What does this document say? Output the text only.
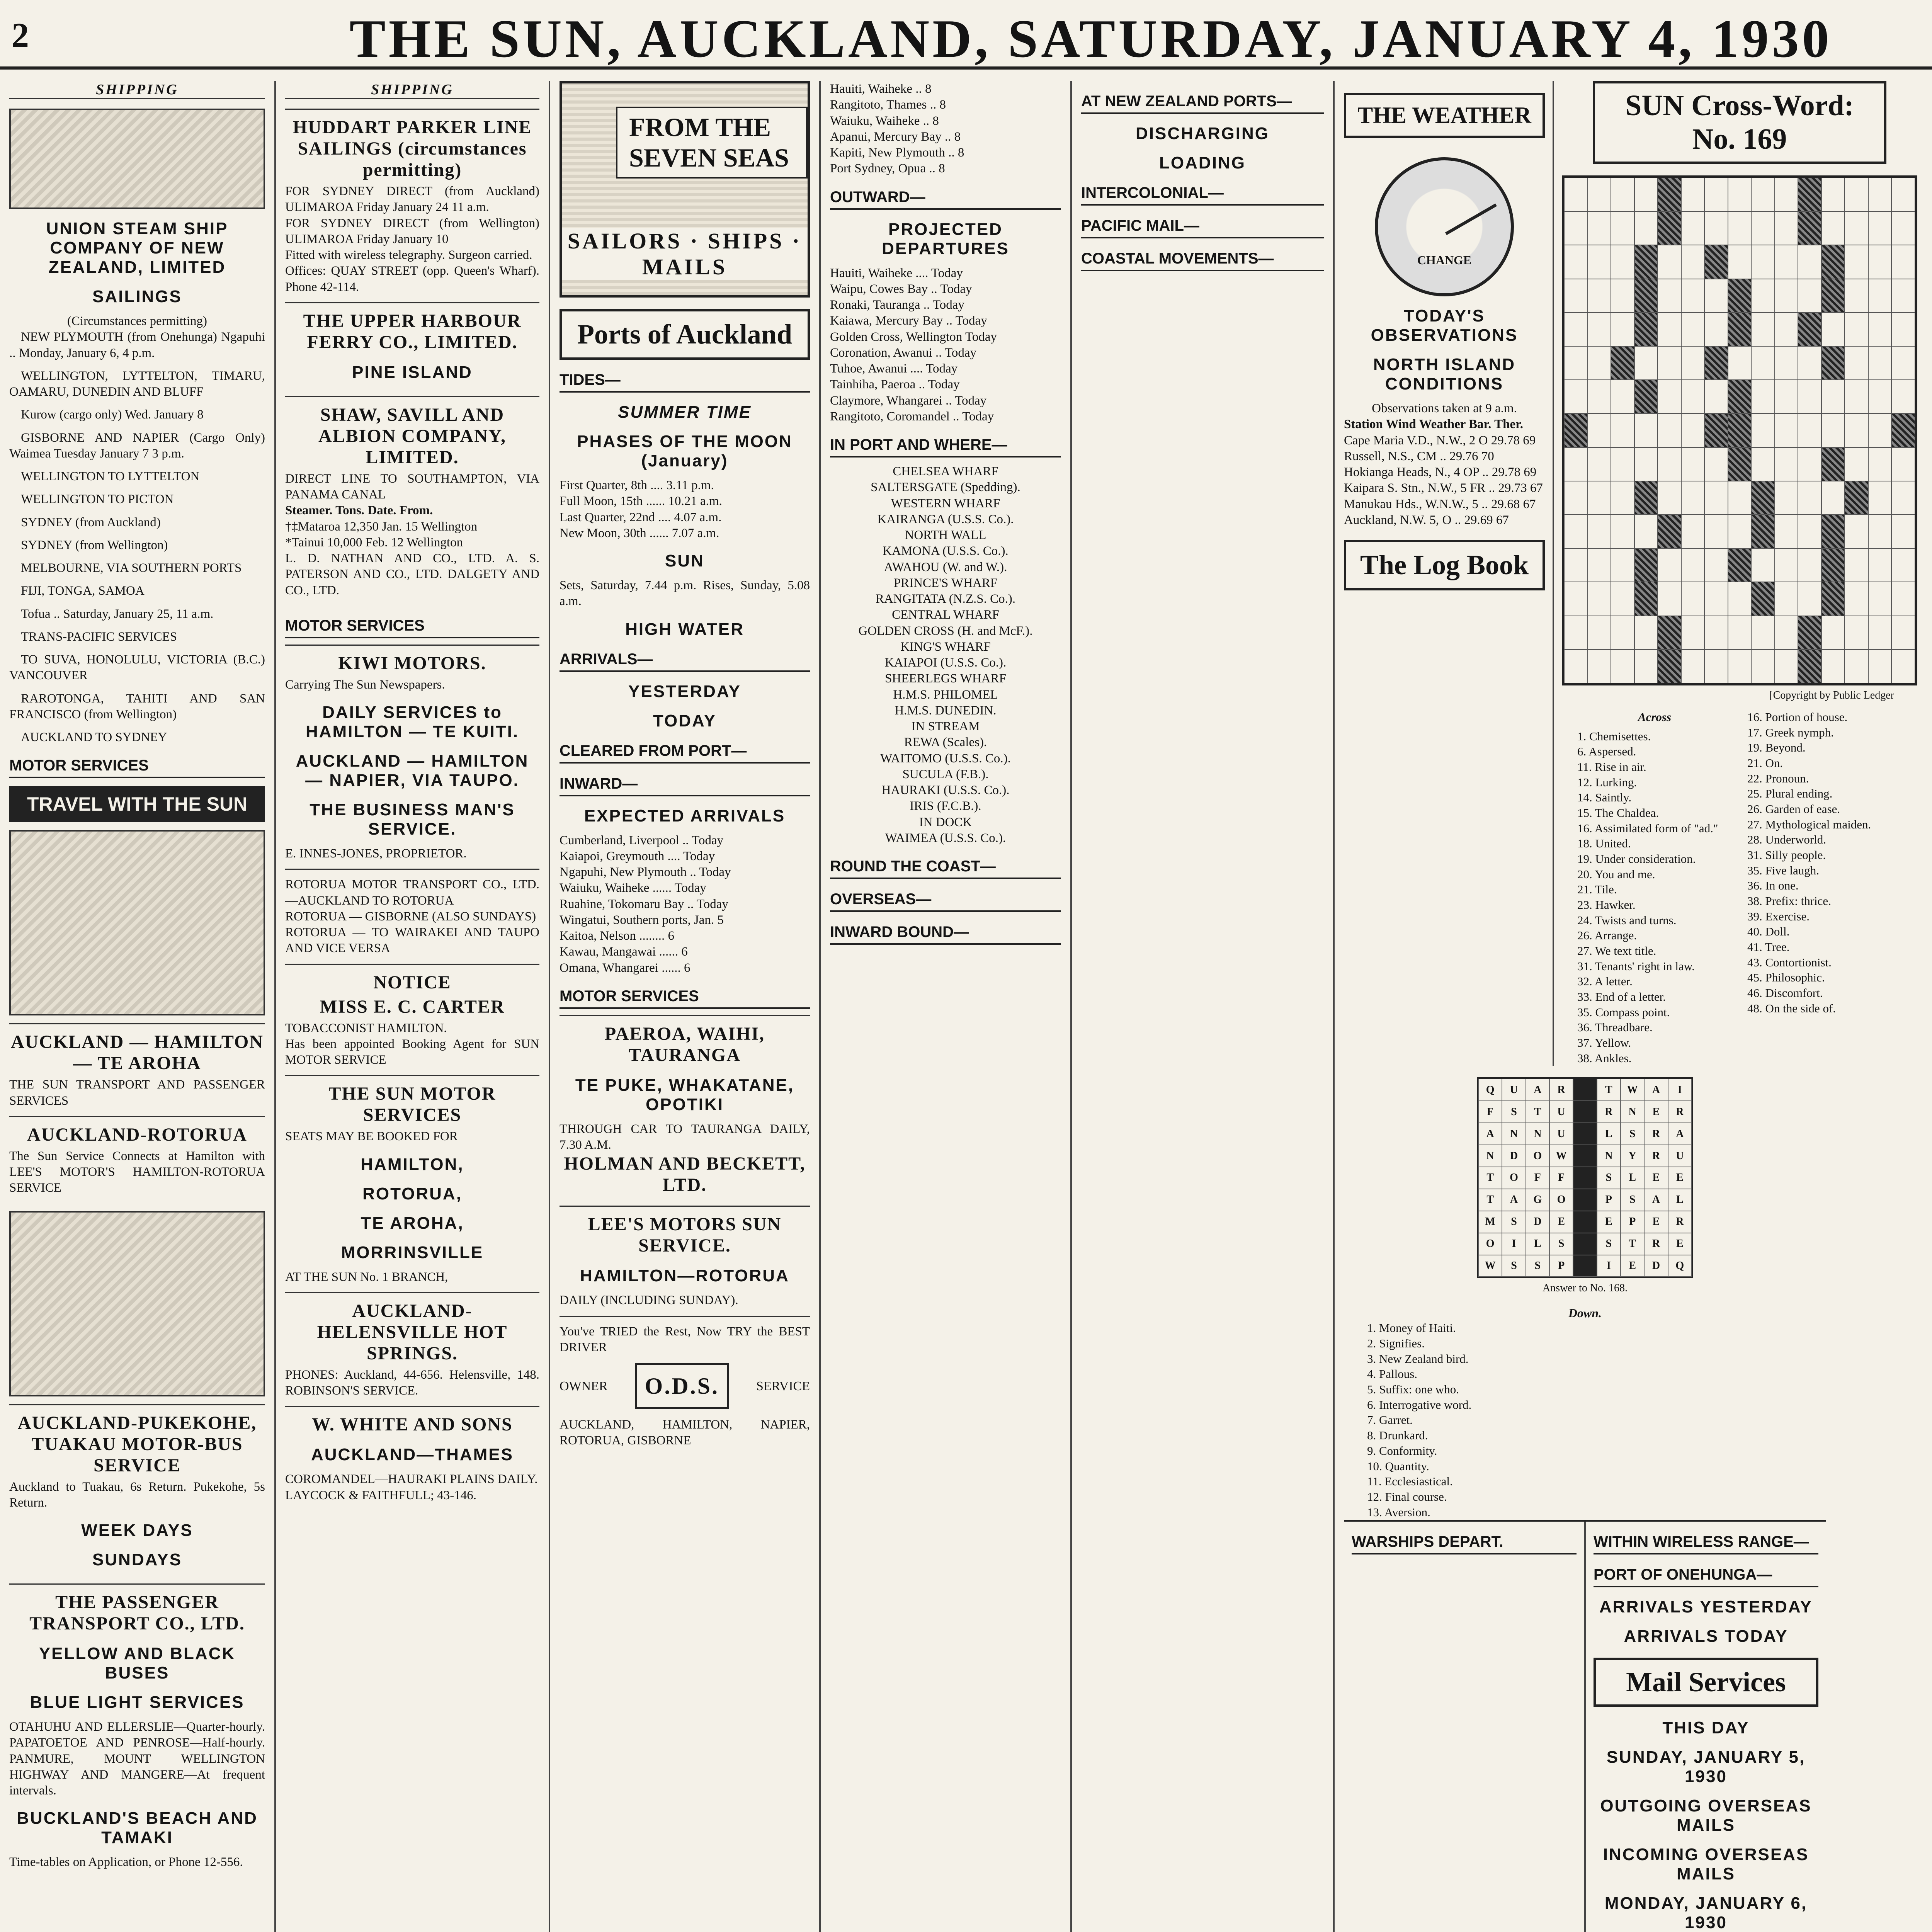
2	THE SUN, AUCKLAND, SATURDAY, JANUARY 4, 1930
SHIPPING
UNION STEAM SHIP COMPANY OF NEW ZEALAND, LIMITED
SAILINGS
(Circumstances permitting)

NEW PLYMOUTH (from Onehunga) Ngapuhi .. Monday, January 6, 4 p.m.

WELLINGTON, LYTTELTON, TIMARU, OAMARU, DUNEDIN AND BLUFF

Kurow (cargo only) Wed. January 8

GISBORNE AND NAPIER (Cargo Only) Waimea Tuesday January 7 3 p.m.

WELLINGTON TO LYTTELTON

WELLINGTON TO PICTON

SYDNEY (from Auckland)

SYDNEY (from Wellington)

MELBOURNE, VIA SOUTHERN PORTS

FIJI, TONGA, SAMOA

Tofua .. Saturday, January 25, 11 a.m.

TRANS-PACIFIC SERVICES

TO SUVA, HONOLULU, VICTORIA (B.C.) VANCOUVER

RAROTONGA, TAHITI AND SAN FRANCISCO (from Wellington)

AUCKLAND TO SYDNEY

MOTOR SERVICES
TRAVEL WITH THE SUN
AUCKLAND — HAMILTON — TE AROHA
THE SUN TRANSPORT AND PASSENGER SERVICES
AUCKLAND-ROTORUA
The Sun Service Connects at Hamilton with LEE'S MOTOR'S HAMILTON-ROTORUA SERVICE
AUCKLAND-PUKEKOHE, TUAKAU MOTOR-BUS SERVICE
Auckland to Tuakau, 6s Return. Pukekohe, 5s Return.
WEEK DAYS
SUNDAYS
THE PASSENGER TRANSPORT CO., LTD.
YELLOW AND BLACK BUSES
BLUE LIGHT SERVICES
OTAHUHU AND ELLERSLIE—Quarter-hourly. PAPATOETOE AND PENROSE—Half-hourly. PANMURE, MOUNT WELLINGTON HIGHWAY AND MANGERE—At frequent intervals.
BUCKLAND'S BEACH AND TAMAKI
Time-tables on Application, or Phone 12-556.
SHIPPING
HUDDART PARKER LINE SAILINGS (circumstances permitting)
FOR SYDNEY DIRECT (from Auckland) ULIMAROA Friday January 24 11 a.m.
FOR SYDNEY DIRECT (from Wellington) ULIMAROA Friday January 10
Fitted with wireless telegraphy. Surgeon carried.
Offices: QUAY STREET (opp. Queen's Wharf). Phone 42-114.
THE UPPER HARBOUR FERRY CO., LIMITED.
PINE ISLAND
SHAW, SAVILL AND ALBION COMPANY, LIMITED.
DIRECT LINE TO SOUTHAMPTON, VIA PANAMA CANAL
Steamer. Tons. Date. From.
†‡Mataroa 12,350 Jan. 15 Wellington
*Tainui 10,000 Feb. 12 Wellington
L. D. NATHAN AND CO., LTD. A. S. PATERSON AND CO., LTD. DALGETY AND CO., LTD.
MOTOR SERVICES
KIWI MOTORS.
Carrying The Sun Newspapers.
DAILY SERVICES to HAMILTON — TE KUITI.
AUCKLAND — HAMILTON — NAPIER, VIA TAUPO.
THE BUSINESS MAN'S SERVICE.
E. INNES-JONES, PROPRIETOR.
ROTORUA MOTOR TRANSPORT CO., LTD.—AUCKLAND TO ROTORUA
ROTORUA — GISBORNE (ALSO SUNDAYS)
ROTORUA — TO WAIRAKEI AND TAUPO AND VICE VERSA
NOTICE
MISS E. C. CARTER
TOBACCONIST HAMILTON.
Has been appointed Booking Agent for SUN MOTOR SERVICE
THE SUN MOTOR SERVICES
SEATS MAY BE BOOKED FOR
HAMILTON,
ROTORUA,
TE AROHA,
MORRINSVILLE
AT THE SUN No. 1 BRANCH,
AUCKLAND-HELENSVILLE HOT SPRINGS.
PHONES: Auckland, 44-656. Helensville, 148. ROBINSON'S SERVICE.
W. WHITE AND SONS
AUCKLAND—THAMES
COROMANDEL—HAURAKI PLAINS DAILY.
LAYCOCK & FAITHFULL; 43-146.
FROM THE SEVEN SEAS
SAILORS · SHIPS · MAILS
Ports of Auckland
TIDES—
SUMMER TIME
PHASES OF THE MOON (January)
First Quarter, 8th .... 3.11 p.m.
Full Moon, 15th ...... 10.21 a.m.
Last Quarter, 22nd .... 4.07 a.m.
New Moon, 30th ...... 7.07 a.m.
SUN
Sets, Saturday, 7.44 p.m. Rises, Sunday, 5.08 a.m.
HIGH WATER
ARRIVALS—
YESTERDAY
TODAY
CLEARED FROM PORT—
INWARD—
EXPECTED ARRIVALS
Cumberland, Liverpool .. Today
Kaiapoi, Greymouth .... Today
Ngapuhi, New Plymouth .. Today
Waiuku, Waiheke ...... Today
Ruahine, Tokomaru Bay .. Today
Wingatui, Southern ports, Jan. 5
Kaitoa, Nelson ........ 6
Kawau, Mangawai ...... 6
Omana, Whangarei ...... 6
MOTOR SERVICES
PAEROA, WAIHI, TAURANGA
TE PUKE, WHAKATANE, OPOTIKI
THROUGH CAR TO TAURANGA DAILY, 7.30 A.M.
HOLMAN AND BECKETT, LTD.
LEE'S MOTORS SUN SERVICE.
HAMILTON—ROTORUA
DAILY (INCLUDING SUNDAY).
You've TRIED the Rest, Now TRY the BEST DRIVER
OWNER	O.D.S.	SERVICE
AUCKLAND, HAMILTON, NAPIER, ROTORUA, GISBORNE
Hauiti, Waiheke .. 8
Rangitoto, Thames .. 8
Waiuku, Waiheke .. 8
Apanui, Mercury Bay .. 8
Kapiti, New Plymouth .. 8
Port Sydney, Opua .. 8
OUTWARD—
PROJECTED DEPARTURES
Hauiti, Waiheke .... Today
Waipu, Cowes Bay .. Today
Ronaki, Tauranga .. Today
Kaiawa, Mercury Bay .. Today
Golden Cross, Wellington Today
Coronation, Awanui .. Today
Tuhoe, Awanui .... Today
Tainhiha, Paeroa .. Today
Claymore, Whangarei .. Today
Rangitoto, Coromandel .. Today
IN PORT AND WHERE—
CHELSEA WHARF
SALTERSGATE (Spedding).
WESTERN WHARF
KAIRANGA (U.S.S. Co.).
NORTH WALL
KAMONA (U.S.S. Co.).
AWAHOU (W. and W.).
PRINCE'S WHARF
RANGITATA (N.Z.S. Co.).
CENTRAL WHARF
GOLDEN CROSS (H. and McF.).
KING'S WHARF
KAIAPOI (U.S.S. Co.).
SHEERLEGS WHARF
H.M.S. PHILOMEL
H.M.S. DUNEDIN.
IN STREAM
REWA (Scales).
WAITOMO (U.S.S. Co.).
SUCULA (F.B.).
HAURAKI (U.S.S. Co.).
IRIS (F.C.B.).
IN DOCK
WAIMEA (U.S.S. Co.).
ROUND THE COAST—
OVERSEAS—
INWARD BOUND—
AT NEW ZEALAND PORTS—
DISCHARGING
LOADING
INTERCOLONIAL—
PACIFIC MAIL—
COASTAL MOVEMENTS—
THE WEATHER
CHANGE
TODAY'S OBSERVATIONS
NORTH ISLAND CONDITIONS
Observations taken at 9 a.m.
Station Wind Weather Bar. Ther.
Cape Maria V.D., N.W., 2 O 29.78 69
Russell, N.S., CM .. 29.76 70
Hokianga Heads, N., 4 OP .. 29.78 69
Kaipara S. Stn., N.W., 5 FR .. 29.73 67
Manukau Hds., W.N.W., 5 .. 29.68 67
Auckland, N.W. 5, O .. 29.69 67
The Log Book
SUN Cross-Word: No. 169
[Copyright by Public Ledger
Across
1. Chemisettes.
6. Aspersed.
11. Rise in air.
12. Lurking.
14. Saintly.
15. The Chaldea.
16. Assimilated form of "ad."
18. United.
19. Under consideration.
20. You and me.
21. Tile.
23. Hawker.
24. Twists and turns.
26. Arrange.
27. We text title.
31. Tenants' right in law.
32. A letter.
33. End of a letter.
35. Compass point.
36. Threadbare.
37. Yellow.
38. Ankles.
16. Portion of house.
17. Greek nymph.
19. Beyond.
21. On.
22. Pronoun.
25. Plural ending.
26. Garden of ease.
27. Mythological maiden.
28. Underworld.
31. Silly people.
35. Five laugh.
36. In one.
38. Prefix: thrice.
39. Exercise.
40. Doll.
41. Tree.
43. Contortionist.
45. Philosophic.
46. Discomfort.
48. On the side of.
Q	U	A	R	T	W	A	I
F	S	T	U	R	N	E	R
A	N	N	U	L	S	R	A
N	D	O	W	N	Y	R	U
T	O	F	F	S	L	E	E
T	A	G	O	P	S	A	L
M	S	D	E	E	P	E	R
O	I	L	S	S	T	R	E
W	S	S	P	I	E	D	Q
Answer to No. 168.
Down.
1. Money of Haiti.
2. Signifies.
3. New Zealand bird.
4. Pallous.
5. Suffix: one who.
6. Interrogative word.
7. Garret.
8. Drunkard.
9. Conformity.
10. Quantity.
11. Ecclesiastical.
12. Final course.
13. Aversion.
WARSHIPS DEPART.	WITHIN WIRELESS RANGE—
PORT OF ONEHUNGA—
ARRIVALS YESTERDAY
ARRIVALS TODAY
Mail Services
THIS DAY
SUNDAY, JANUARY 5, 1930
OUTGOING OVERSEAS MAILS
INCOMING OVERSEAS MAILS
MONDAY, JANUARY 6, 1930
